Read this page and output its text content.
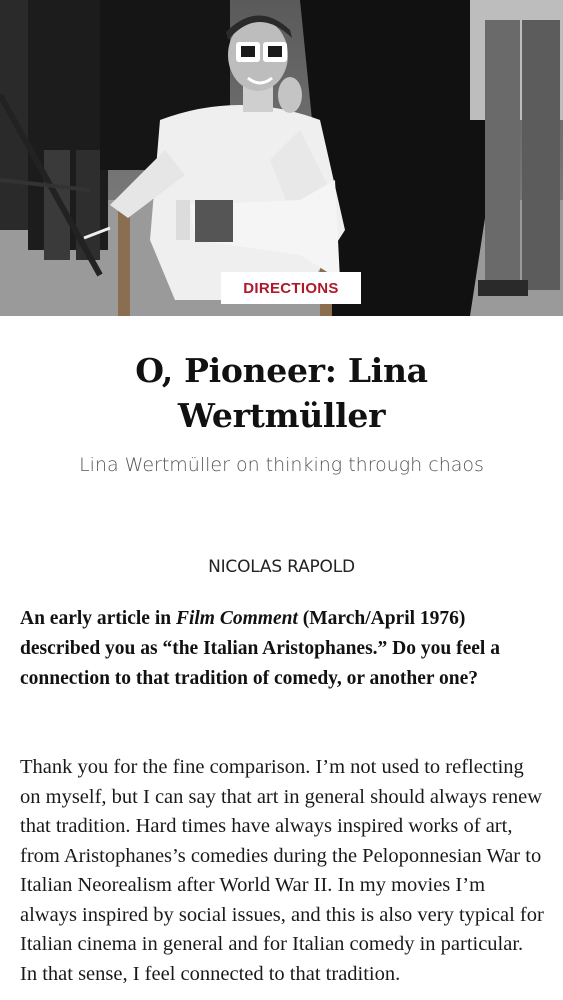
DIRECTIONS
O, Pioneer: Lina Wertmüller
Lina Wertmüller on thinking through chaos
NICOLAS RAPOLD

An early article in Film Comment (March/April 1976) described you as “the Italian Aristophanes.” Do you feel a connection to that tradition of comedy, or another one?

Thank you for the fine comparison. I’m not used to reflecting on myself, but I can say that art in general should always renew that tradition. Hard times have always inspired works of art, from Aristophanes’s comedies during the Peloponnesian War to Italian Neorealism after World War II. In my movies I’m always inspired by social issues, and this is also very typical for Italian cinema in general and for Italian comedy in particular. In that sense, I feel connected to that tradition.
